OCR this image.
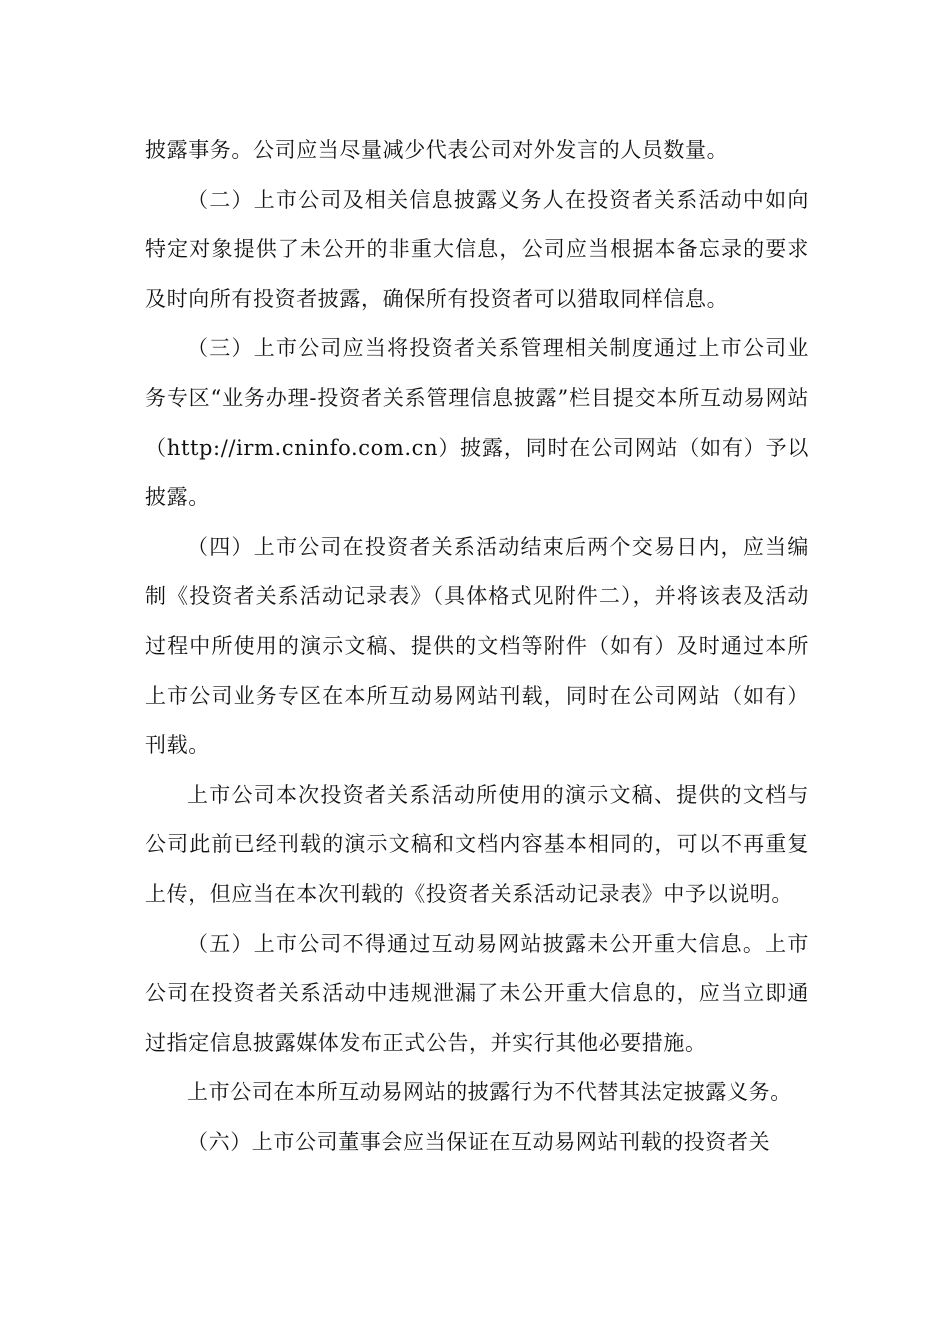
披露事务。公司应当尽量减少代表公司对外发言的人员数量。

（二）上市公司及相关信息披露义务人在投资者关系活动中如向特定对象提供了未公开的非重大信息，公司应当根据本备忘录的要求及时向所有投资者披露，确保所有投资者可以猎取同样信息。

（三）上市公司应当将投资者关系管理相关制度通过上市公司业务专区“业务办理-投资者关系管理信息披露”栏目提交本所互动易网站（http://irm.cninfo.com.cn）披露，同时在公司网站（如有）予以披露。

（四）上市公司在投资者关系活动结束后两个交易日内，应当编制《投资者关系活动记录表》（具体格式见附件二），并将该表及活动过程中所使用的演示文稿、提供的文档等附件（如有）及时通过本所上市公司业务专区在本所互动易网站刊载，同时在公司网站（如有）刊载。

上市公司本次投资者关系活动所使用的演示文稿、提供的文档与公司此前已经刊载的演示文稿和文档内容基本相同的，可以不再重复上传，但应当在本次刊载的《投资者关系活动记录表》中予以说明。

（五）上市公司不得通过互动易网站披露未公开重大信息。上市公司在投资者关系活动中违规泄漏了未公开重大信息的，应当立即通过指定信息披露媒体发布正式公告，并实行其他必要措施。

上市公司在本所互动易网站的披露行为不代替其法定披露义务。

（六）上市公司董事会应当保证在互动易网站刊载的投资者关
